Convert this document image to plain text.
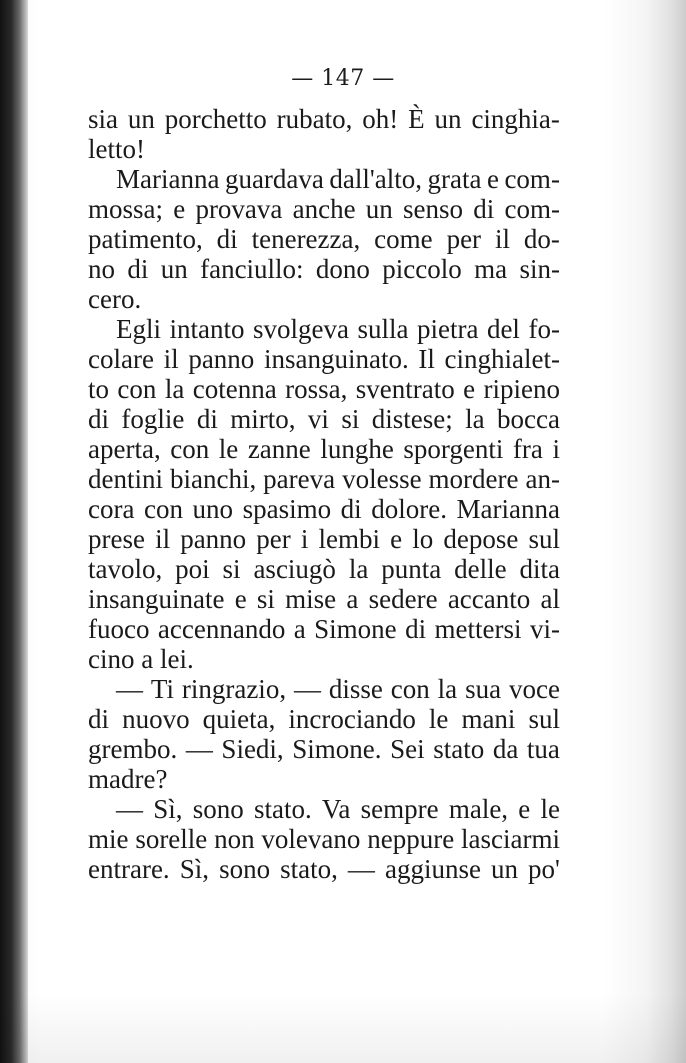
— 147 —
sia un porchetto rubato, oh! È un cinghia-
letto!
Marianna guardava dall'alto, grata e com-
mossa; e provava anche un senso di com-
patimento, di tenerezza, come per il do-
no di un fanciullo: dono piccolo ma sin-
cero.
Egli intanto svolgeva sulla pietra del fo-
colare il panno insanguinato. Il cinghialet-
to con la cotenna rossa, sventrato e ripieno
di foglie di mirto, vi si distese; la bocca
aperta, con le zanne lunghe sporgenti fra i
dentini bianchi, pareva volesse mordere an-
cora con uno spasimo di dolore. Marianna
prese il panno per i lembi e lo depose sul
tavolo, poi si asciugò la punta delle dita
insanguinate e si mise a sedere accanto al
fuoco accennando a Simone di mettersi vi-
cino a lei.
— Ti ringrazio, — disse con la sua voce
di nuovo quieta, incrociando le mani sul
grembo. — Siedi, Simone. Sei stato da tua
madre?
— Sì, sono stato. Va sempre male, e le
mie sorelle non volevano neppure lasciarmi
entrare. Sì, sono stato, — aggiunse un po'
